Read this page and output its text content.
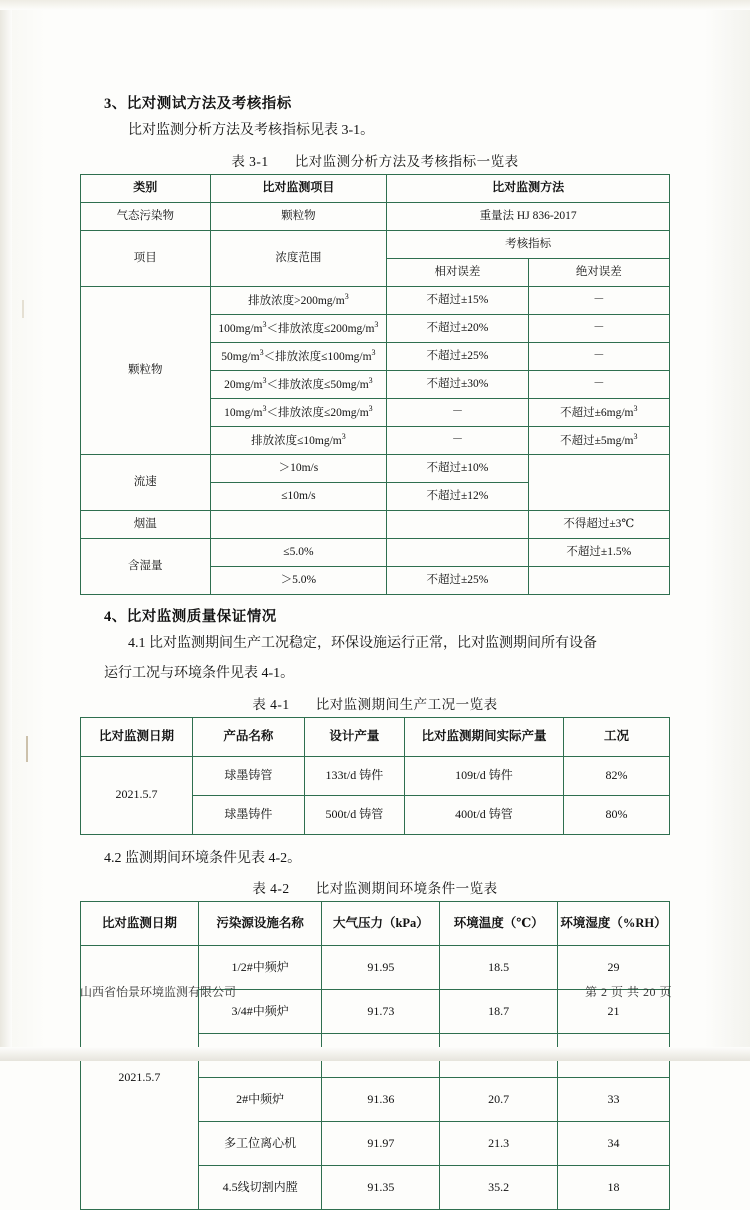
3、比对测试方法及考核指标
比对监测分析方法及考核指标见表 3-1。
表 3-1 比对监测分析方法及考核指标一览表
类别	比对监测项目	比对监测方法	
气态污染物	颗粒物	重量法 HJ 836-2017	
项目	浓度范围	考核指标	
		相对误差	绝对误差
颗粒物	排放浓度$>200mg/m^3$	不超过±15%	－
	$100mg/m^3<$排放浓度$\le 200mg/m^3$	不超过±20%	－
	$50mg/m^3<$排放浓度$\le 100mg/m^3$	不超过±25%	－
	$20mg/m^3<$排放浓度$\le 50mg/m^3$	不超过±30%	－
	$10mg/m^3<$排放浓度$\le 20mg/m^3$	－	不超过$\pm 6mg/m^3$
	排放浓度$\le 10mg/m^3$	－	不超过$\pm 5mg/m^3$
流速	＞10m/s	不超过±10%	
	≤10m/s	不超过±12%	
烟温			不得超过±3℃
含湿量	≤5.0%		不超过±1.5%
	＞5.0%	不超过±25%	
4、比对监测质量保证情况
4.1 比对监测期间生产工况稳定，环保设施运行正常，比对监测期间所有设备
运行工况与环境条件见表 4-1。
表 4-1 比对监测期间生产工况一览表
比对监测日期	产品名称	设计产量	比对监测期间实际产量	工况
2021.5.7	球墨铸管	133t/d 铸件	109t/d 铸件	82%
	球墨铸件	500t/d 铸管	400t/d 铸管	80%
4.2 监测期间环境条件见表 4-2。
表 4-2 比对监测期间环境条件一览表
比对监测日期	污染源设施名称	大气压力（kPa）	环境温度（℃）	环境湿度（%RH）
2021.5.7	1/2#中频炉	91.95	18.5	29
	3/4#中频炉	91.73	18.7	21

	2#中频炉	91.36	20.7	33
	多工位离心机	91.97	21.3	34
	4.5线切割内膛	91.35	35.2	18
山西省怡景环境监测有限公司	第 2 页 共 20 页
